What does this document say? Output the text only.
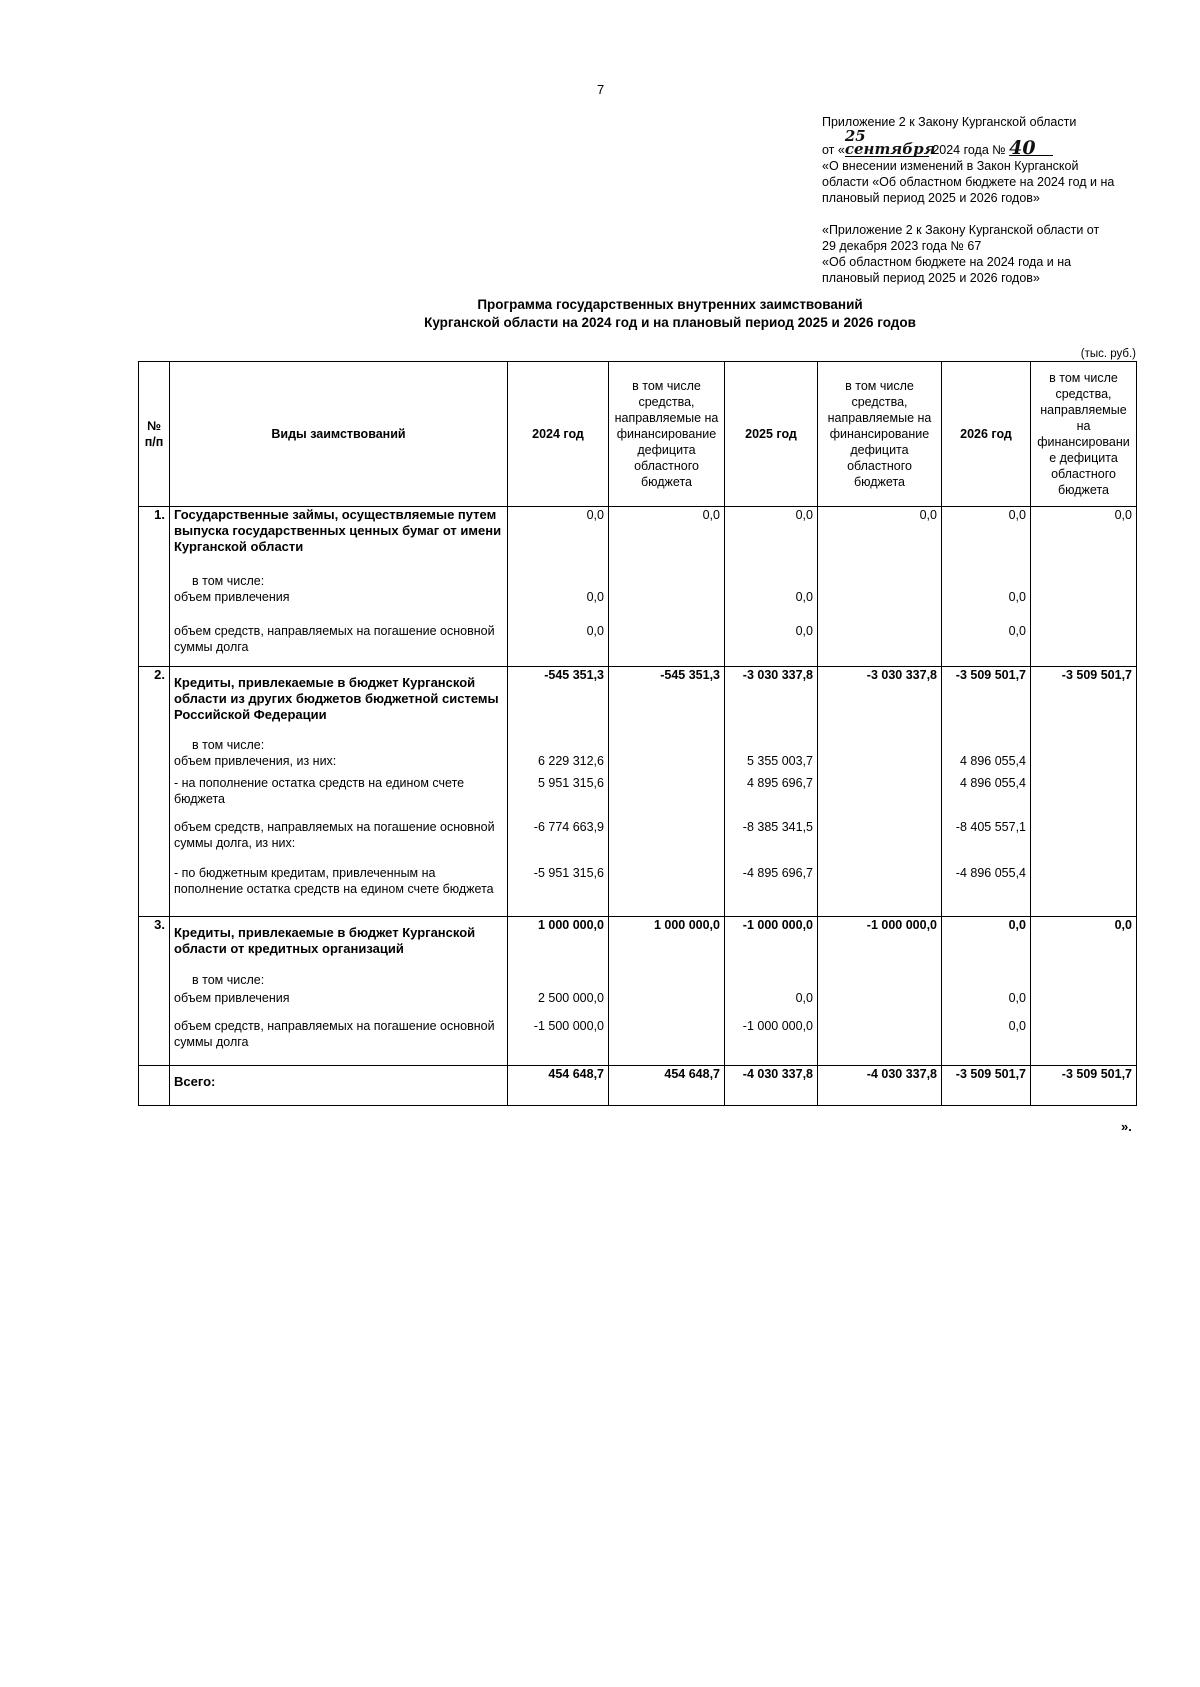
7

Приложение 2 к Закону Курганской области

от «25 сентября 2024 года № 40

«О внесении изменений в Закон Курганской

области «Об областном бюджете на 2024 год и на

плановый период 2025 и 2026 годов»

«Приложение 2 к Закону Курганской области от

29 декабря 2023 года № 67

«Об областном бюджете на 2024 года и на

плановый период 2025 и 2026 годов»

Программа государственных внутренних заимствований
Курганской области на 2024 год и на плановый период 2025 и 2026 годов
(тыс. руб.)
№ п/п	Виды заимствований	2024 год	в том числе средства, направляемые на финансирование дефицита областного бюджета	2025 год	в том числе средства, направляемые на финансирование дефицита областного бюджета	2026 год	в том числе средства, направляемые на финансировани е дефицита областного бюджета
1.	Государственные займы, осуществляемые путем выпуска государственных ценных бумаг от имени Курганской области	0,0	0,0	0,0	0,0	0,0	0,0
	в том числе:						
	объем привлечения	0,0		0,0		0,0	
	объем средств, направляемых на погашение основной суммы долга	0,0		0,0		0,0	
2.	Кредиты, привлекаемые в бюджет Курганской области из других бюджетов бюджетной системы Российской Федерации	-545 351,3	-545 351,3	-3 030 337,8	-3 030 337,8	-3 509 501,7	-3 509 501,7
	в том числе:						
	объем привлечения, из них:	6 229 312,6		5 355 003,7		4 896 055,4	
	- на пополнение остатка средств на едином счете бюджета	5 951 315,6		4 895 696,7		4 896 055,4	
	объем средств, направляемых на погашение основной суммы долга, из них:	-6 774 663,9		-8 385 341,5		-8 405 557,1	
	- по бюджетным кредитам, привлеченным на пополнение остатка средств на едином счете бюджета	-5 951 315,6		-4 895 696,7		-4 896 055,4	
3.	Кредиты, привлекаемые в бюджет Курганской области от кредитных организаций	1 000 000,0	1 000 000,0	-1 000 000,0	-1 000 000,0	0,0	0,0
	в том числе:						
	объем привлечения	2 500 000,0		0,0		0,0	
	объем средств, направляемых на погашение основной суммы долга	-1 500 000,0		-1 000 000,0		0,0	
	Всего:	454 648,7	454 648,7	-4 030 337,8	-4 030 337,8	-3 509 501,7	-3 509 501,7
».
